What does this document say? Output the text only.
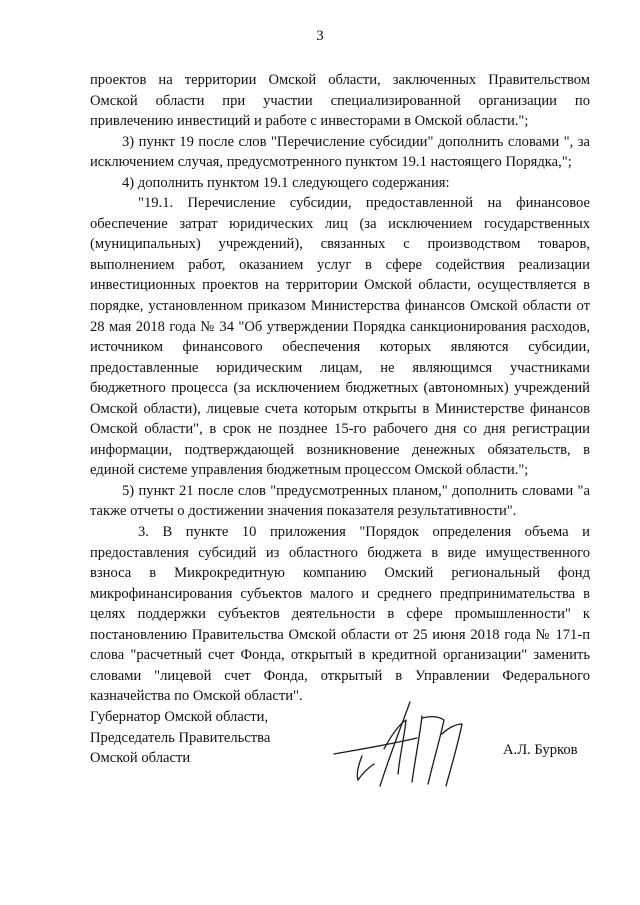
3

проектов на территории Омской области, заключенных Правительством Омской области при участии специализированной организации по привлечению инвестиций и работе с инвесторами в Омской области.";

3) пункт 19 после слов "Перечисление субсидии" дополнить словами ", за исключением случая, предусмотренного пунктом 19.1 настоящего Порядка,";

4) дополнить пунктом 19.1 следующего содержания:

"19.1. Перечисление субсидии, предоставленной на финансовое обеспечение затрат юридических лиц (за исключением государственных (муниципальных) учреждений), связанных с производством товаров, выполнением работ, оказанием услуг в сфере содействия реализации инвестиционных проектов на территории Омской области, осуществляется в порядке, установленном приказом Министерства финансов Омской области от 28 мая 2018 года № 34 "Об утверждении Порядка санкционирования расходов, источником финансового обеспечения которых являются субсидии, предоставленные юридическим лицам, не являющимся участниками бюджетного процесса (за исключением бюджетных (автономных) учреждений Омской области), лицевые счета которым открыты в Министерстве финансов Омской области", в срок не позднее 15-го рабочего дня со дня регистрации информации, подтверждающей возникновение денежных обязательств, в единой системе управления бюджетным процессом Омской области.";

5) пункт 21 после слов "предусмотренных планом," дополнить словами "а также отчеты о достижении значения показателя результативности".

3. В пункте 10 приложения "Порядок определения объема и предоставления субсидий из областного бюджета в виде имущественного взноса в Микрокредитную компанию Омский региональный фонд микрофинансирования субъектов малого и среднего предпринимательства в целях поддержки субъектов деятельности в сфере промышленности" к постановлению Правительства Омской области от 25 июня 2018 года № 171-п слова "расчетный счет Фонда, открытый в кредитной организации" заменить словами "лицевой счет Фонда, открытый в Управлении Федерального казначейства по Омской области".

Губернатор Омской области,
Председатель Правительства
Омской области	А.Л. Бурков
